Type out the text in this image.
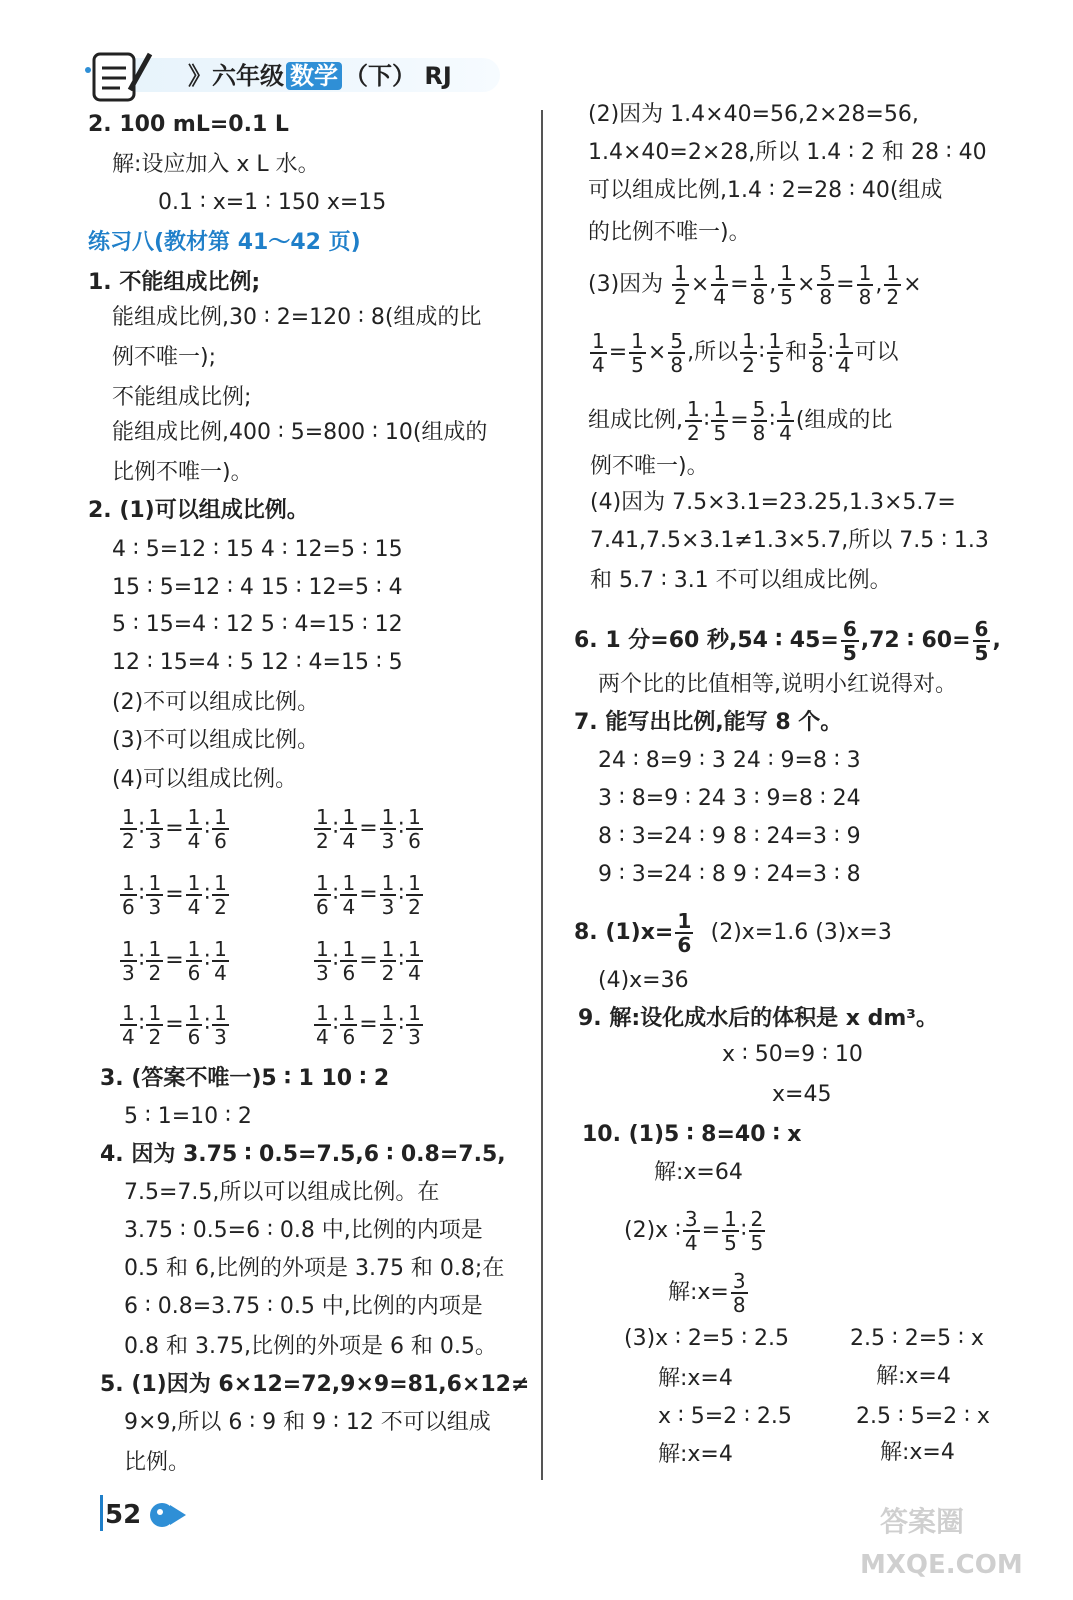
》六年级 数学 （下） RJ
2. 100 mL=0.1 L
解:设应加入 x L 水。
0.1 ∶ x=1 ∶ 150 x=15
练习八(教材第 41～42 页)
1. 不能组成比例;
能组成比例,30 ∶ 2=120 ∶ 8(组成的比
例不唯一);
不能组成比例;
能组成比例,400 ∶ 5=800 ∶ 10(组成的
比例不唯一)。
2. (1)可以组成比例。
4 ∶ 5=12 ∶ 15 4 ∶ 12=5 ∶ 15
15 ∶ 5=12 ∶ 4 15 ∶ 12=5 ∶ 4
5 ∶ 15=4 ∶ 12 5 ∶ 4=15 ∶ 12
12 ∶ 15=4 ∶ 5 12 ∶ 4=15 ∶ 5
(2)不可以组成比例。
(3)不可以组成比例。
(4)可以组成比例。
$\frac{1}{2}$ ∶ $\frac{1}{3} = \frac{1}{4}$ ∶ $\frac{1}{6}$	$\frac{1}{2}$ ∶ $\frac{1}{4} = \frac{1}{3}$ ∶ $\frac{1}{6}$
$\frac{1}{6}$ ∶ $\frac{1}{3} = \frac{1}{4}$ ∶ $\frac{1}{2}$	$\frac{1}{6}$ ∶ $\frac{1}{4} = \frac{1}{3}$ ∶ $\frac{1}{2}$
$\frac{1}{3}$ ∶ $\frac{1}{2} = \frac{1}{6}$ ∶ $\frac{1}{4}$	$\frac{1}{3}$ ∶ $\frac{1}{6} = \frac{1}{2}$ ∶ $\frac{1}{4}$
$\frac{1}{4}$ ∶ $\frac{1}{2} = \frac{1}{6}$ ∶ $\frac{1}{3}$	$\frac{1}{4}$ ∶ $\frac{1}{6} = \frac{1}{2}$ ∶ $\frac{1}{3}$
3. (答案不唯一)5 ∶ 1 10 ∶ 2
5 ∶ 1=10 ∶ 2
4. 因为 3.75 ∶ 0.5=7.5,6 ∶ 0.8=7.5,
7.5=7.5,所以可以组成比例。在
3.75 ∶ 0.5=6 ∶ 0.8 中,比例的内项是
0.5 和 6,比例的外项是 3.75 和 0.8;在
6 ∶ 0.8=3.75 ∶ 0.5 中,比例的内项是
0.8 和 3.75,比例的外项是 6 和 0.5。
5. (1)因为 6×12=72,9×9=81,6×12≠
9×9,所以 6 ∶ 9 和 9 ∶ 12 不可以组成
比例。
(2)因为 1.4×40=56,2×28=56,
1.4×40=2×28,所以 1.4 ∶ 2 和 28 ∶ 40
可以组成比例,1.4 ∶ 2=28 ∶ 40(组成
的比例不唯一)。
(3)因为 $\frac{1}{2} \times \frac{1}{4} = \frac{1}{8}$ , $\frac{1}{5} \times \frac{5}{8} = \frac{1}{8}$ , $\frac{1}{2}$ ×
$\frac{1}{4} = \frac{1}{5} \times \frac{5}{8}$ ,所以 $\frac{1}{2}$ ∶ $\frac{1}{5}$ 和 $\frac{5}{8}$ ∶ $\frac{1}{4}$ 可以
组成比例, $\frac{1}{2}$ ∶ $\frac{1}{5} = \frac{5}{8}$ ∶ $\frac{1}{4}$ (组成的比
例不唯一)。
(4)因为 7.5×3.1=23.25,1.3×5.7=
7.41,7.5×3.1≠1.3×5.7,所以 7.5 ∶ 1.3
和 5.7 ∶ 3.1 不可以组成比例。
6. 1 分=60 秒,54 ∶ $45= \frac{6}{5} ,72$ ∶ $60= \frac{6}{5}$ ,
两个比的比值相等,说明小红说得对。
7. 能写出比例,能写 8 个。
24 ∶ 8=9 ∶ 3 24 ∶ 9=8 ∶ 3
3 ∶ 8=9 ∶ 24 3 ∶ 9=8 ∶ 24
8 ∶ 3=24 ∶ 9 8 ∶ 24=3 ∶ 9
9 ∶ 3=24 ∶ 8 9 ∶ 24=3 ∶ 8
8. $(1)x= \frac{1}{6} (2)x=1.6$ (3)x=3
(4)x=36
9. 解:设化成水后的体积是 x dm³。
x ∶ 50=9 ∶ 10
x=45
10. (1)5 ∶ 8=40 ∶ x
解:x=64
(2)x ∶ $\frac{3}{4} = \frac{1}{5}$ ∶ $\frac{2}{5}$
解:x= $\frac{3}{8}$
(3)x ∶ 2=5 ∶ 2.5	2.5 ∶ 2=5 ∶ x
解:x=4	解:x=4
x ∶ 5=2 ∶ 2.5	2.5 ∶ 5=2 ∶ x
解:x=4	解:x=4
52	答案圈
MXQE.COM
